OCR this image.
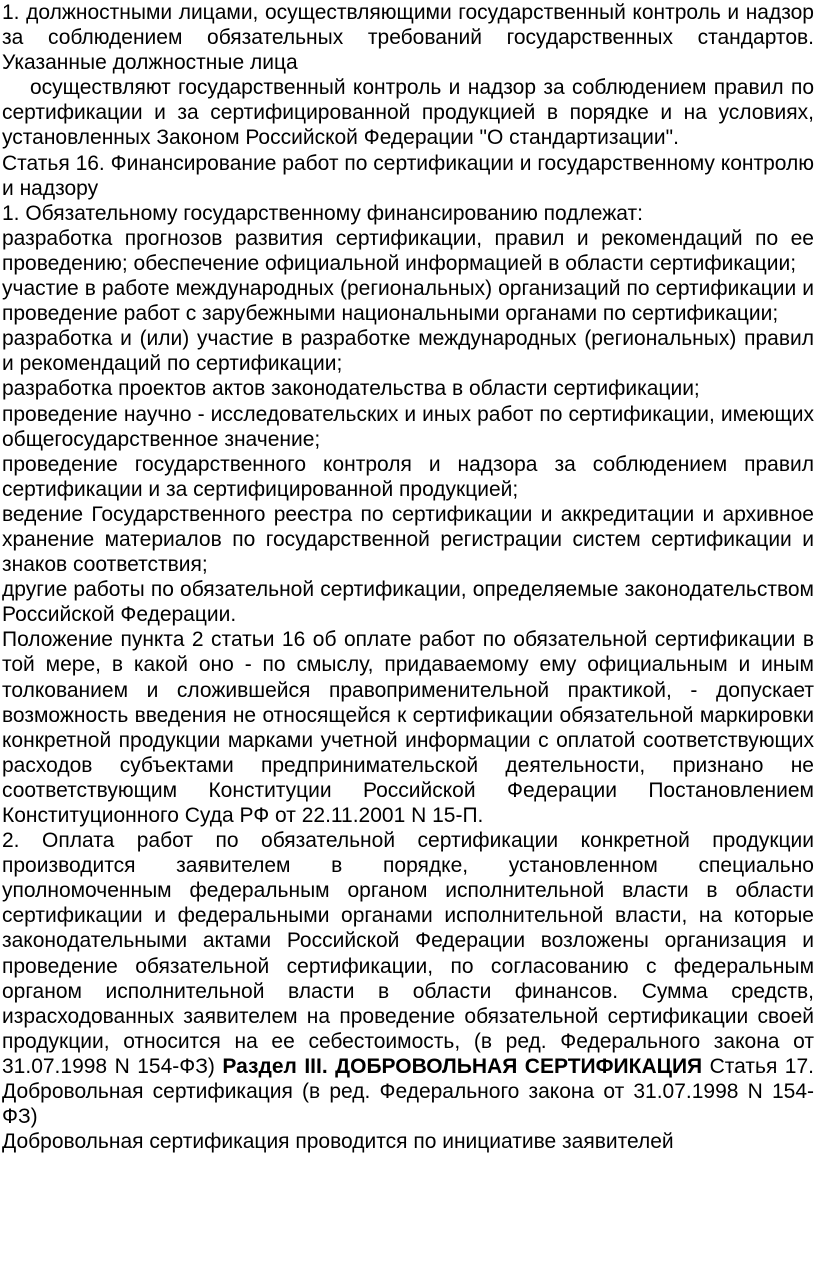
1. должностными лицами, осуществляющими государственный контроль и надзор за соблюдением обязательных требований государственных стандартов. Указанные должностные лица

осуществляют государственный контроль и надзор за соблюдением правил по сертификации и за сертифицированной продукцией в порядке и на условиях, установленных Законом Российской Федерации "О стандартизации".

Статья 16. Финансирование работ по сертификации и государственному контролю и надзору

1. Обязательному государственному финансированию подлежат:

разработка прогнозов развития сертификации, правил и рекомендаций по ее проведению; обеспечение официальной информацией в области сертификации;

участие в работе международных (региональных) организаций по сертификации и проведение работ с зарубежными национальными органами по сертификации;

разработка и (или) участие в разработке международных (региональных) правил и рекомендаций по сертификации;

разработка проектов актов законодательства в области сертификации;

проведение научно - исследовательских и иных работ по сертификации, имеющих общегосударственное значение;

проведение государственного контроля и надзора за соблюдением правил сертификации и за сертифицированной продукцией;

ведение Государственного реестра по сертификации и аккредитации и архивное хранение материалов по государственной регистрации систем сертификации и знаков соответствия;

другие работы по обязательной сертификации, определяемые законодательством Российской Федерации.

Положение пункта 2 статьи 16 об оплате работ по обязательной сертификации в той мере, в какой оно - по смыслу, придаваемому ему официальным и иным толкованием и сложившейся правоприменительной практикой, - допускает возможность введения не относящейся к сертификации обязательной маркировки конкретной продукции марками учетной информации с оплатой соответствующих расходов субъектами предпринимательской деятельности, признано не соответствующим Конституции Российской Федерации Постановлением Конституционного Суда РФ от 22.11.2001 N 15-П.

2. Оплата работ по обязательной сертификации конкретной продукции производится заявителем в порядке, установленном специально уполномоченным федеральным органом исполнительной власти в области сертификации и федеральными органами исполнительной власти, на которые законодательными актами Российской Федерации возложены организация и проведение обязательной сертификации, по согласованию с федеральным органом исполнительной власти в области финансов. Сумма средств, израсходованных заявителем на проведение обязательной сертификации своей продукции, относится на ее себестоимость, (в ред. Федерального закона от 31.07.1998 N 154-ФЗ) Раздел III. ДОБРОВОЛЬНАЯ СЕРТИФИКАЦИЯ Статья 17. Добровольная сертификация (в ред. Федерального закона от 31.07.1998 N 154-ФЗ)

Добровольная сертификация проводится по инициативе заявителей
